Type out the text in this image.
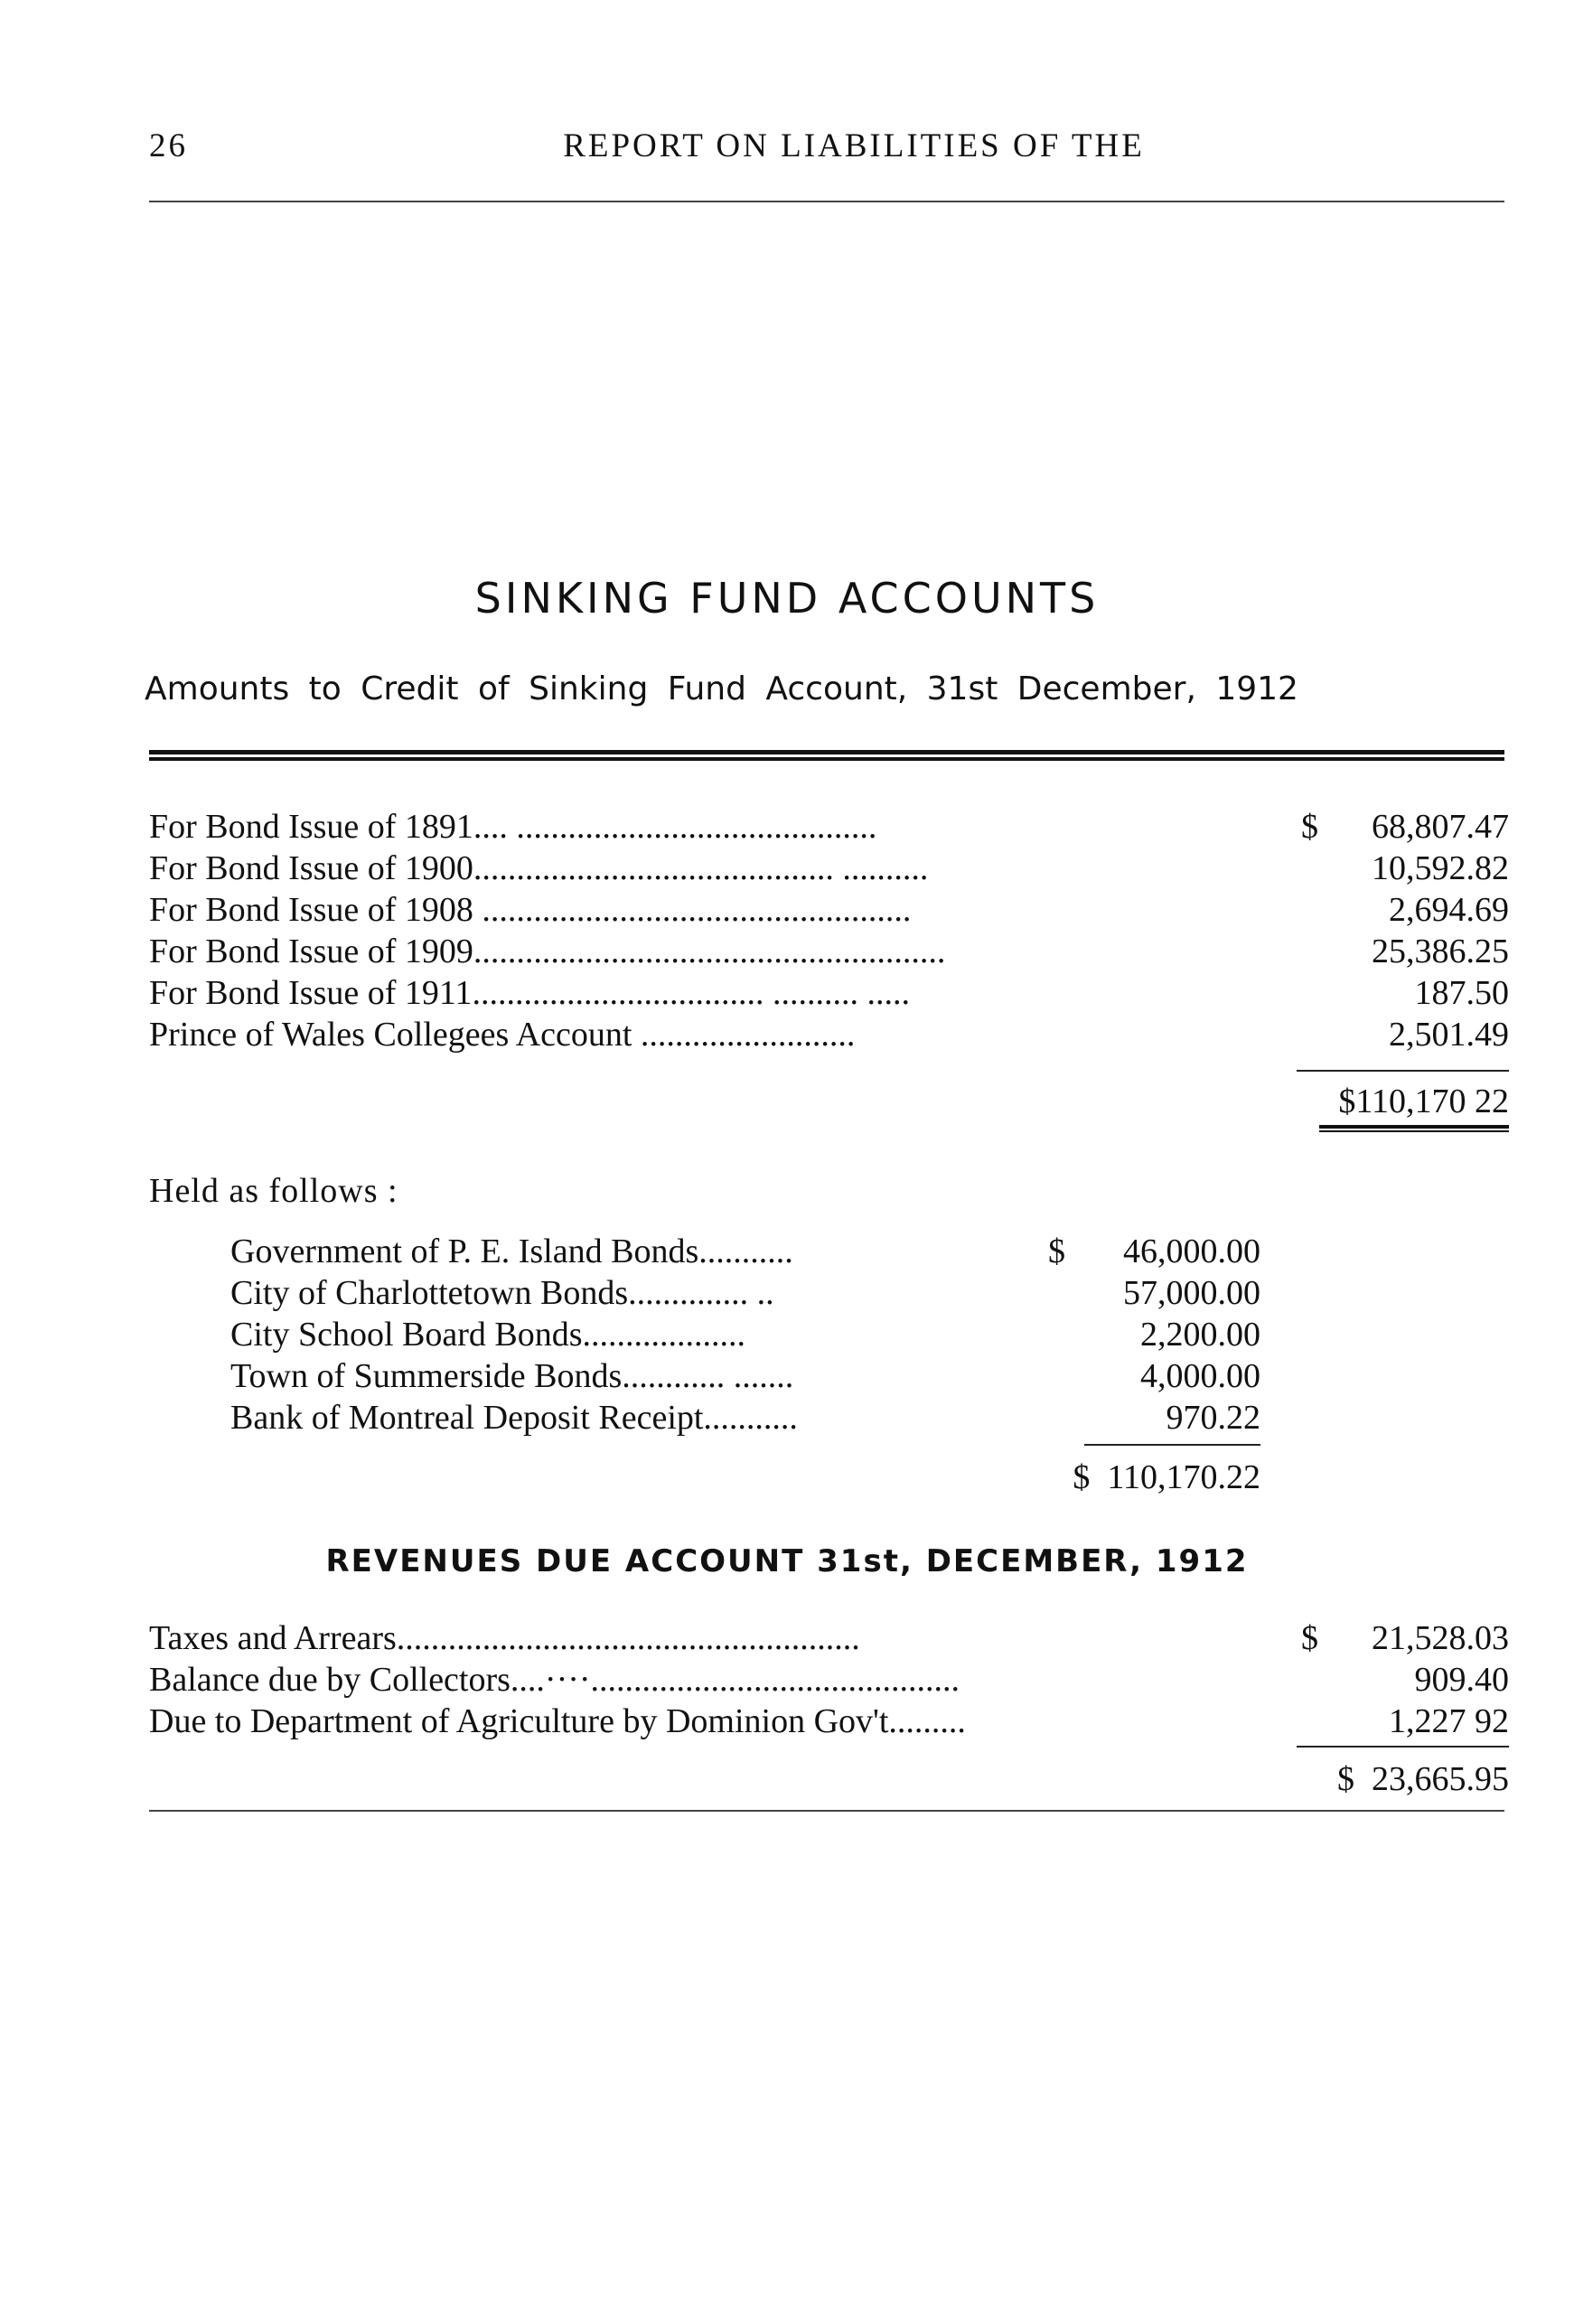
26	REPORT ON LIABILITIES OF THE
SINKING FUND ACCOUNTS
Amounts to Credit of Sinking Fund Account, 31st December, 1912
For Bond Issue of 1891.... ..........................................	$ 68,807.47
For Bond Issue of 1900.......................................... ..........	10,592.82
For Bond Issue of 1908 ..................................................	2,694.69
For Bond Issue of 1909.......................................................	25,386.25
For Bond Issue of 1911.................................. .......... .....	187.50
Prince of Wales Collegees Account .........................	2,501.49
$110,170 22
Held as follows :
Government of P. E. Island Bonds...........	$ 46,000.00
City of Charlottetown Bonds.............. ..	57,000.00
City School Board Bonds...................	2,200.00
Town of Summerside Bonds............ .......	4,000.00
Bank of Montreal Deposit Receipt...........	970.22
$  110,170.22
REVENUES DUE ACCOUNT 31st, DECEMBER, 1912
Taxes and Arrears......................................................	$ 21,528.03
Balance due by Collectors....····...........................................	909.40
Due to Department of Agriculture by Dominion Gov't.........	1,227 92
$  23,665.95
